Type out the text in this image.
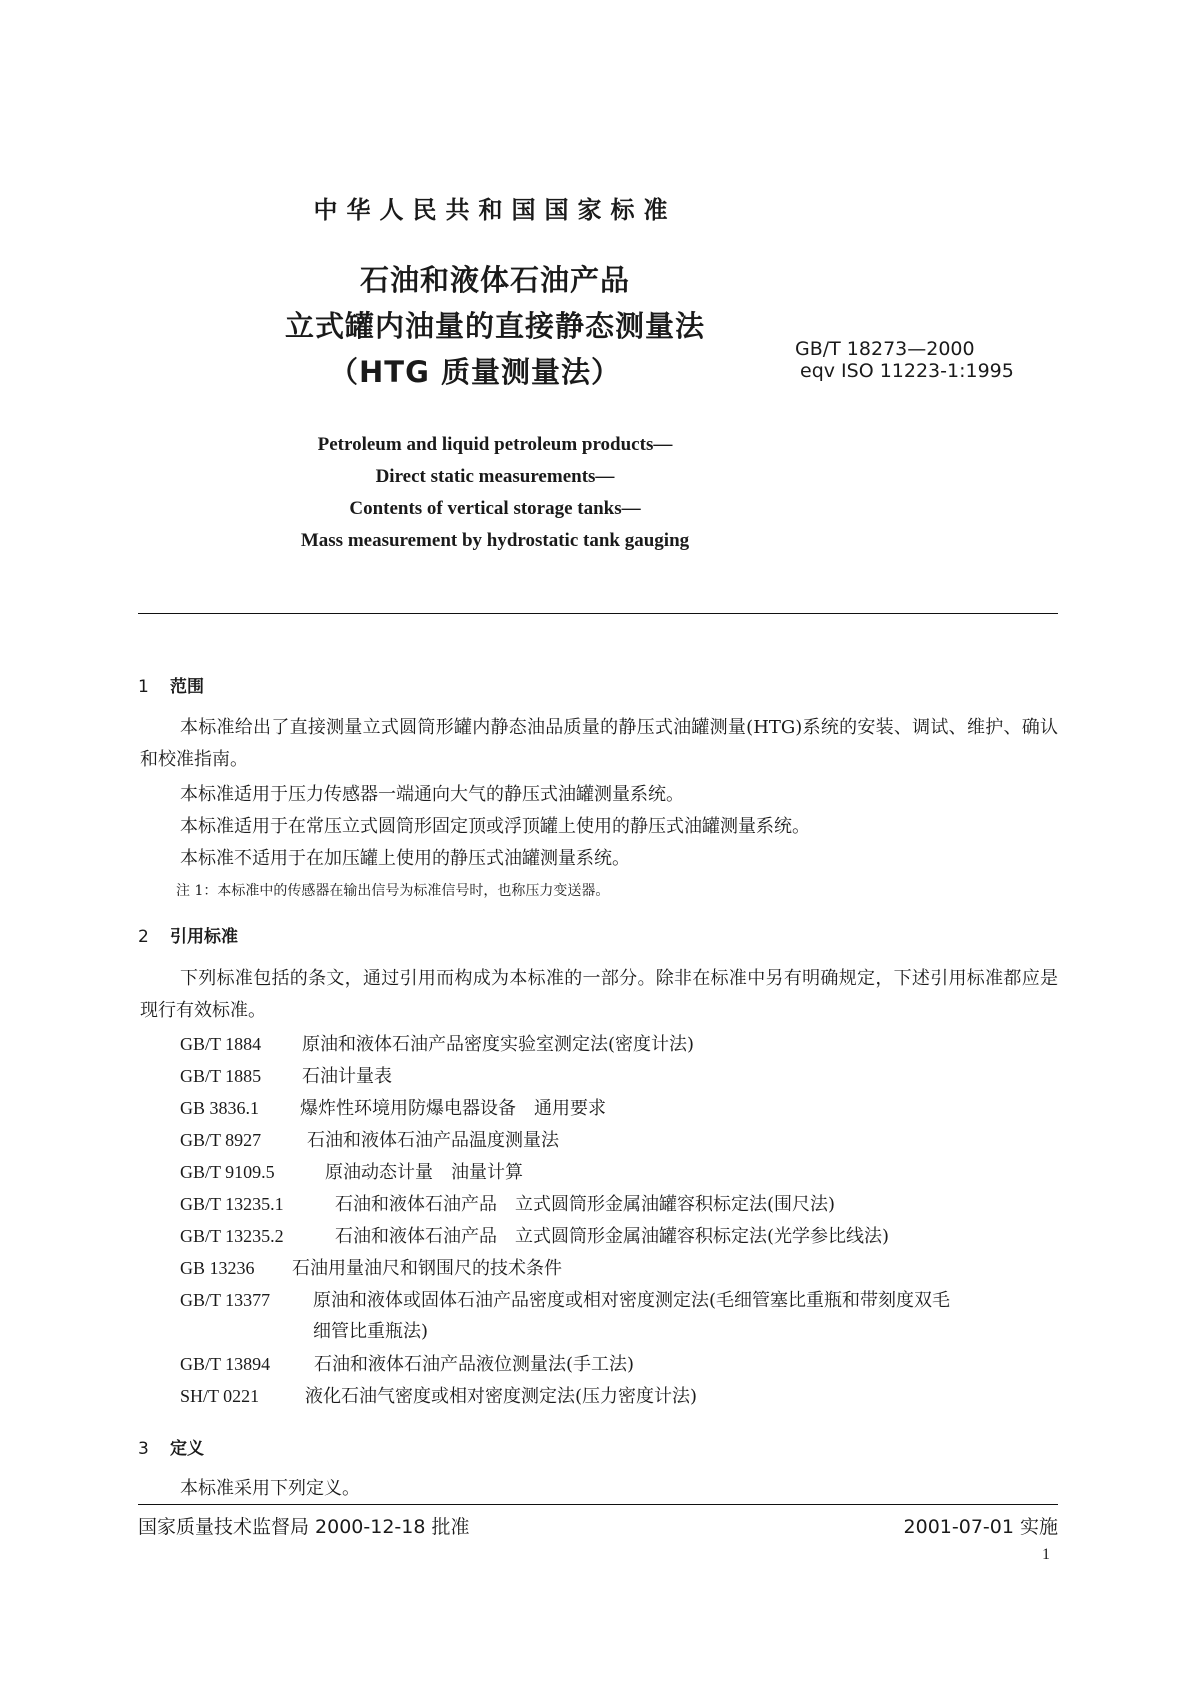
中华人民共和国国家标准
石油和液体石油产品
立式罐内油量的直接静态测量法
（HTG 质量测量法）
GB/T 18273—2000
eqv ISO 11223-1:1995
Petroleum and liquid petroleum products—
Direct static measurements—
Contents of vertical storage tanks—
Mass measurement by hydrostatic tank gauging
1 范围
本标准给出了直接测量立式圆筒形罐内静态油品质量的静压式油罐测量(HTG)系统的安装、调试、维护、确认和校准指南。
本标准适用于压力传感器一端通向大气的静压式油罐测量系统。
本标准适用于在常压立式圆筒形固定顶或浮顶罐上使用的静压式油罐测量系统。
本标准不适用于在加压罐上使用的静压式油罐测量系统。
注 1：本标准中的传感器在输出信号为标准信号时，也称压力变送器。
2 引用标准
下列标准包括的条文，通过引用而构成为本标准的一部分。除非在标准中另有明确规定，下述引用标准都应是现行有效标准。
GB/T 1884 原油和液体石油产品密度实验室测定法(密度计法)
GB/T 1885 石油计量表
GB 3836.1 爆炸性环境用防爆电器设备　通用要求
GB/T 8927	石油和液体石油产品温度测量法
GB/T 9109.5	原油动态计量　油量计算
GB/T 13235.1	石油和液体石油产品　立式圆筒形金属油罐容积标定法(围尺法)
GB/T 13235.2	石油和液体石油产品　立式圆筒形金属油罐容积标定法(光学参比线法)
GB 13236 石油用量油尺和钢围尺的技术条件
GB/T 13377 原油和液体或固体石油产品密度或相对密度测定法(毛细管塞比重瓶和带刻度双毛
细管比重瓶法)
GB/T 13894 石油和液体石油产品液位测量法(手工法)
SH/T 0221	液化石油气密度或相对密度测定法(压力密度计法)
3 定义
本标准采用下列定义。
国家质量技术监督局 2000-12-18 批准	2001-07-01 实施
1
